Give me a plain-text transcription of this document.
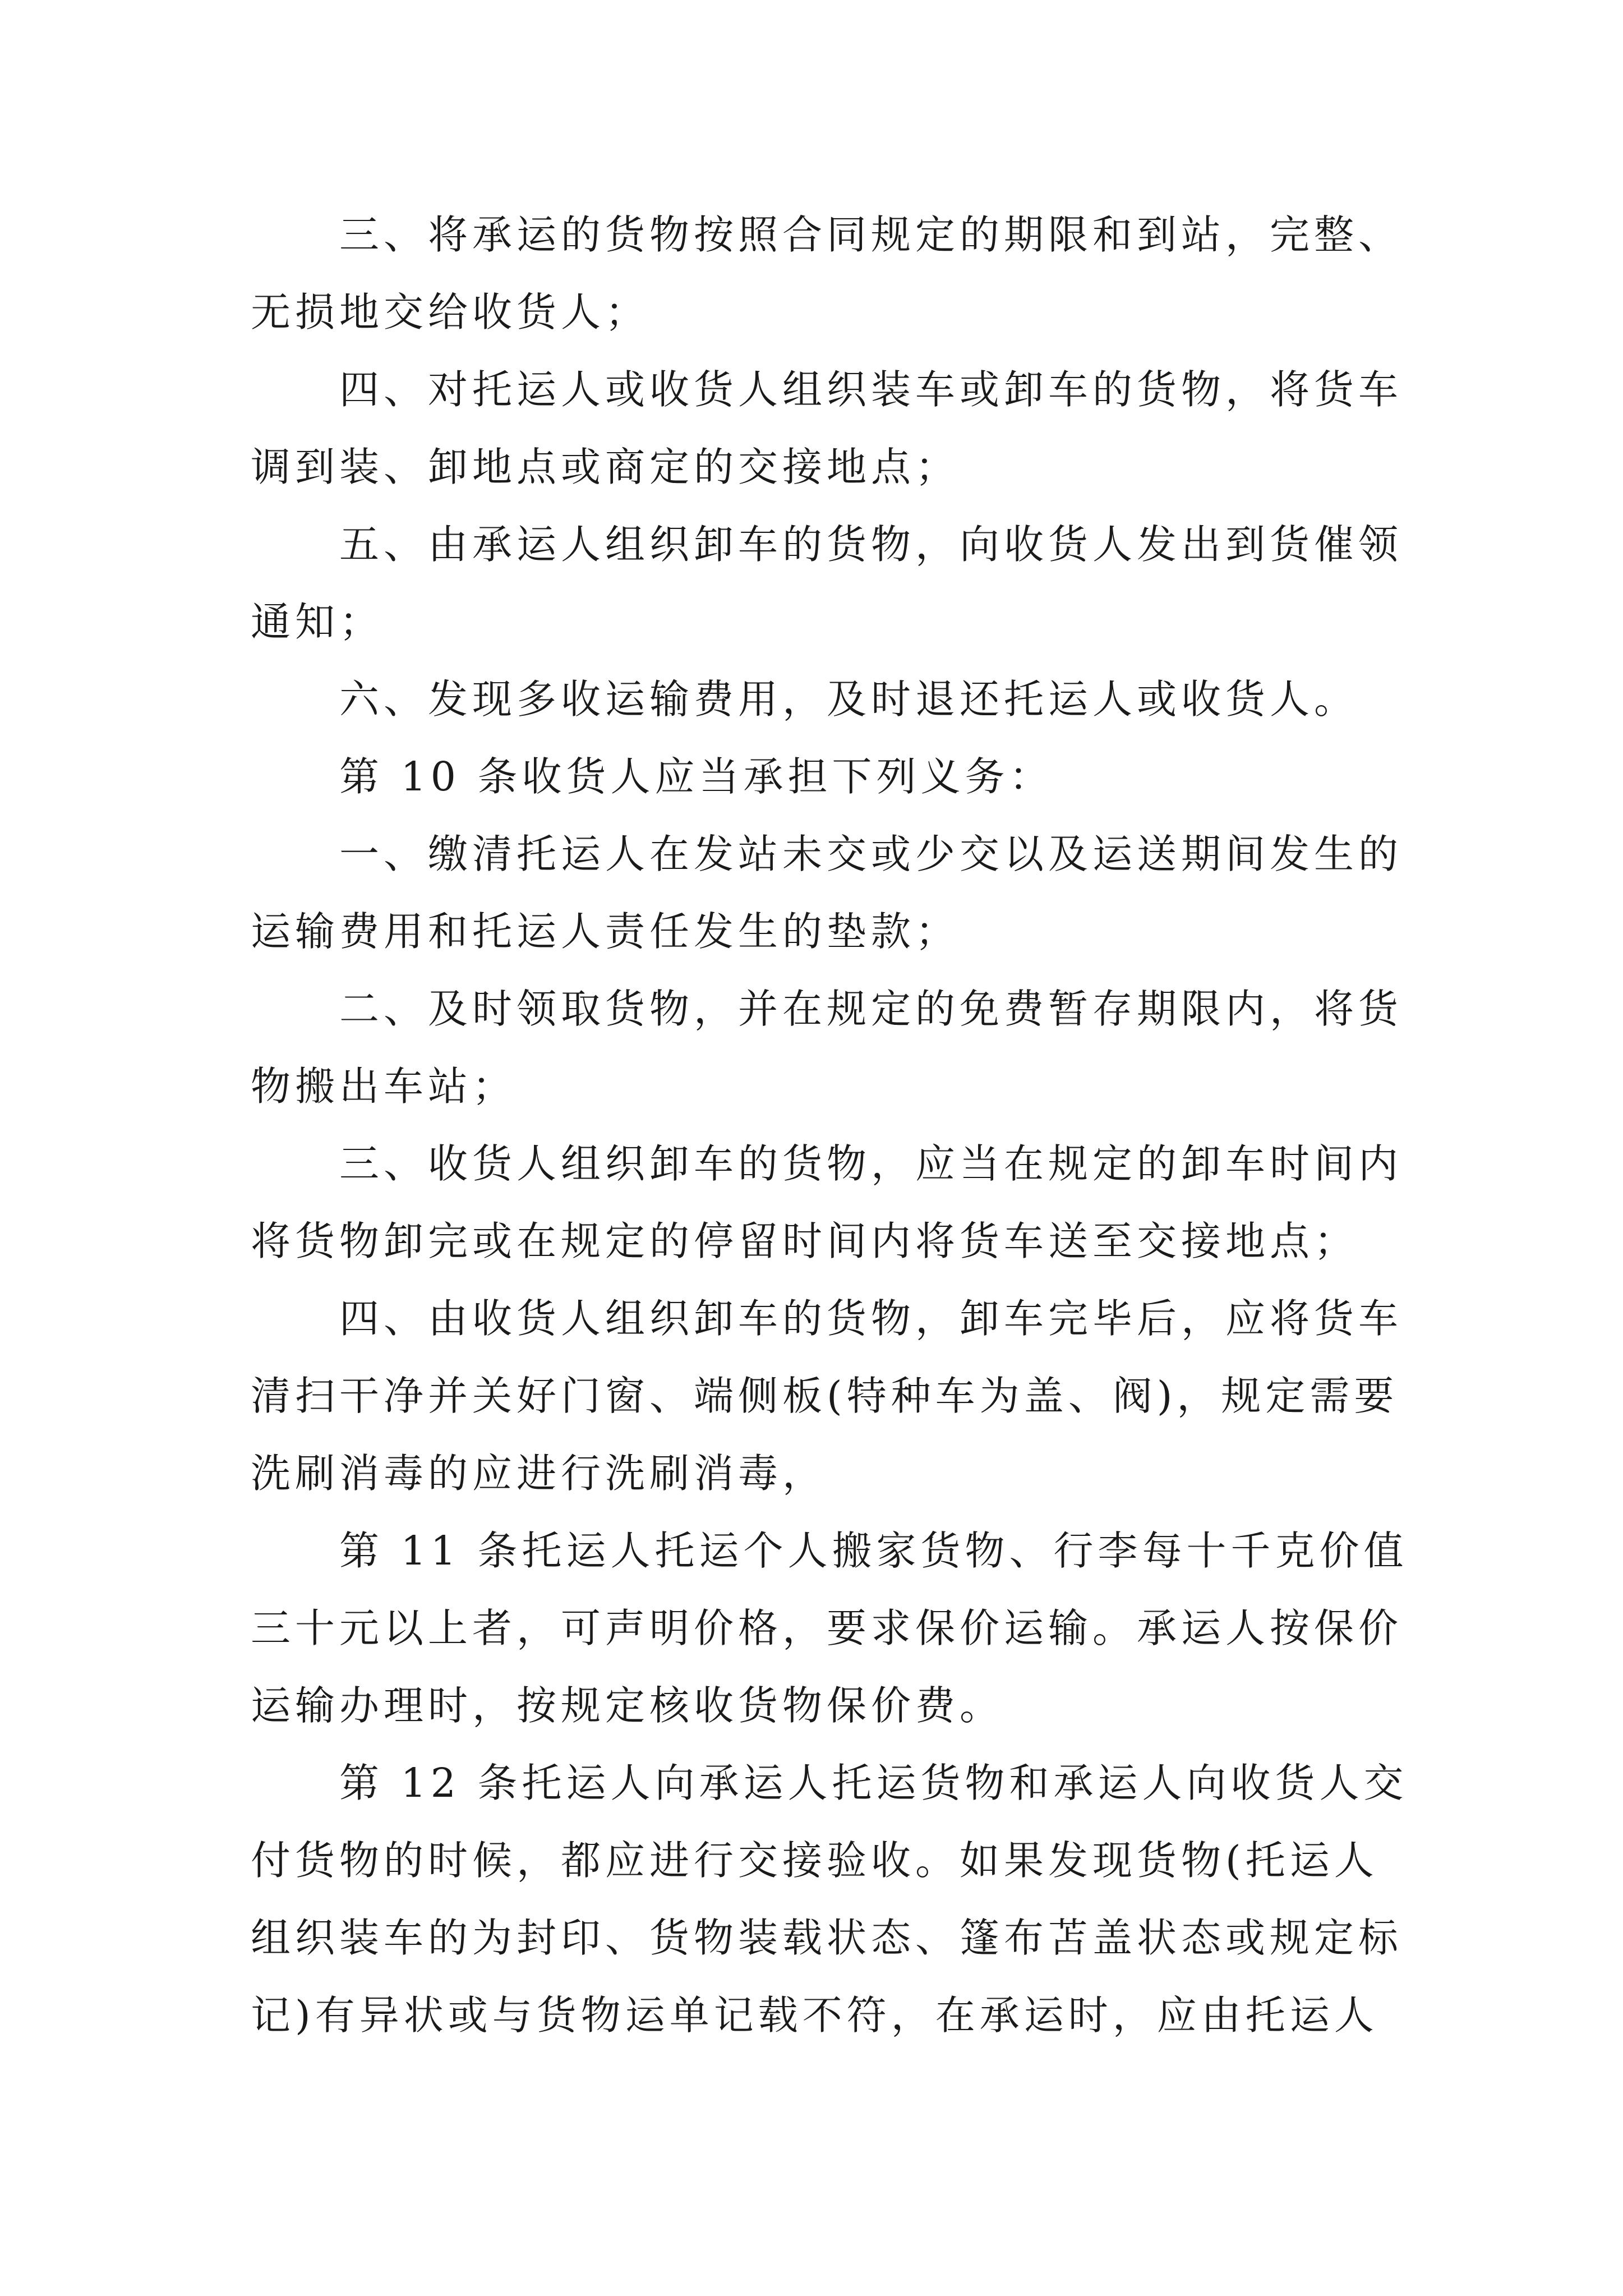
三、将承运的货物按照合同规定的期限和到站，完整、
无损地交给收货人；

四、对托运人或收货人组织装车或卸车的货物，将货车
调到装、卸地点或商定的交接地点；

五、由承运人组织卸车的货物，向收货人发出到货催领
通知；

六、发现多收运输费用，及时退还托运人或收货人。

第 10 条收货人应当承担下列义务：

一、缴清托运人在发站未交或少交以及运送期间发生的
运输费用和托运人责任发生的垫款；

二、及时领取货物，并在规定的免费暂存期限内，将货
物搬出车站；

三、收货人组织卸车的货物，应当在规定的卸车时间内
将货物卸完或在规定的停留时间内将货车送至交接地点；

四、由收货人组织卸车的货物，卸车完毕后，应将货车
清扫干净并关好门窗、端侧板(特种车为盖、阀)，规定需要
洗刷消毒的应进行洗刷消毒，

第 11 条托运人托运个人搬家货物、行李每十千克价值
三十元以上者，可声明价格，要求保价运输。承运人按保价
运输办理时，按规定核收货物保价费。

第 12 条托运人向承运人托运货物和承运人向收货人交
付货物的时候，都应进行交接验收。如果发现货物(托运人
组织装车的为封印、货物装载状态、篷布苫盖状态或规定标
记)有异状或与货物运单记载不符，在承运时，应由托运人
